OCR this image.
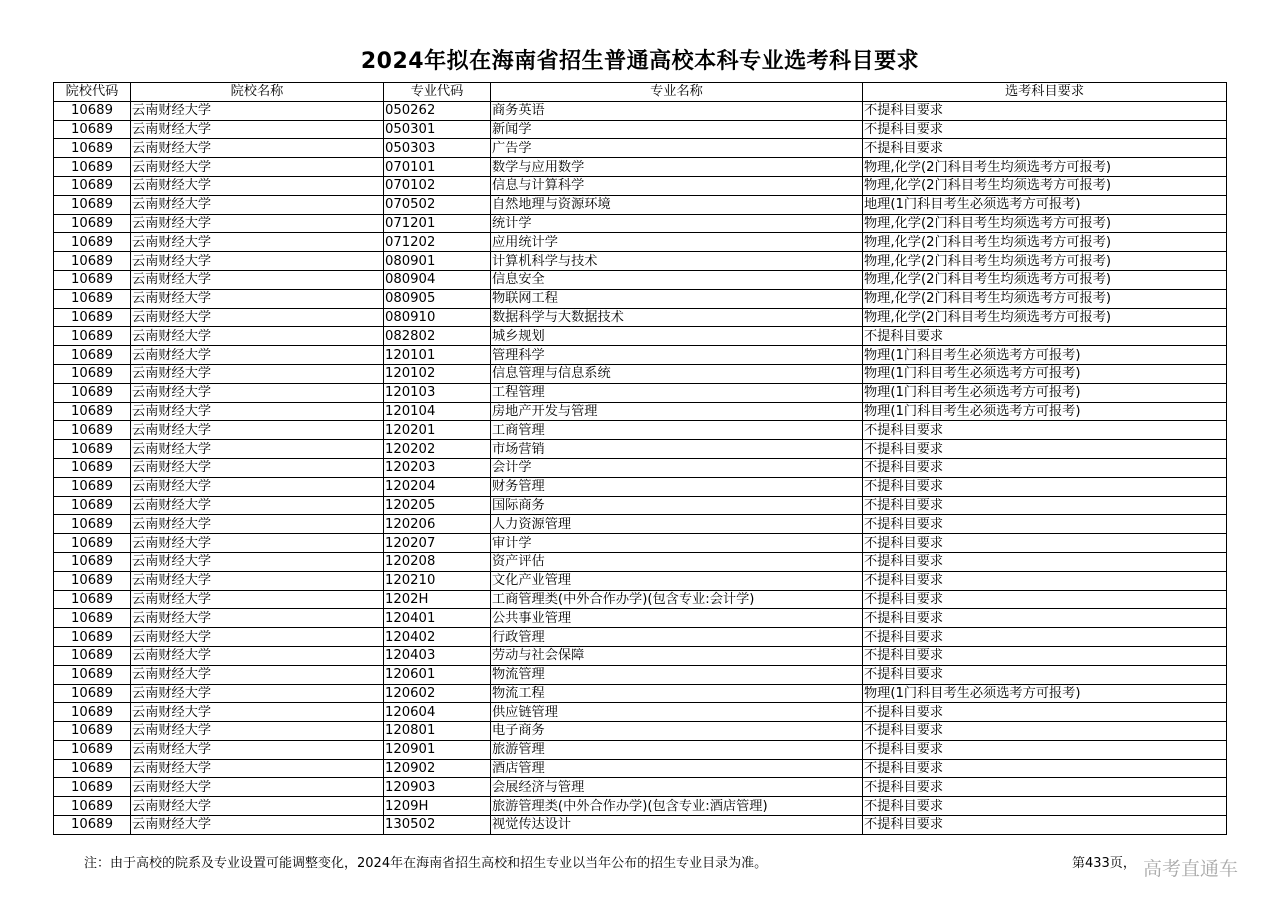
2024年拟在海南省招生普通高校本科专业选考科目要求
院校代码	院校名称	专业代码	专业名称	选考科目要求
10689	云南财经大学	050262	商务英语	不提科目要求
10689	云南财经大学	050301	新闻学	不提科目要求
10689	云南财经大学	050303	广告学	不提科目要求
10689	云南财经大学	070101	数学与应用数学	物理,化学(2门科目考生均须选考方可报考)
10689	云南财经大学	070102	信息与计算科学	物理,化学(2门科目考生均须选考方可报考)
10689	云南财经大学	070502	自然地理与资源环境	地理(1门科目考生必须选考方可报考)
10689	云南财经大学	071201	统计学	物理,化学(2门科目考生均须选考方可报考)
10689	云南财经大学	071202	应用统计学	物理,化学(2门科目考生均须选考方可报考)
10689	云南财经大学	080901	计算机科学与技术	物理,化学(2门科目考生均须选考方可报考)
10689	云南财经大学	080904	信息安全	物理,化学(2门科目考生均须选考方可报考)
10689	云南财经大学	080905	物联网工程	物理,化学(2门科目考生均须选考方可报考)
10689	云南财经大学	080910	数据科学与大数据技术	物理,化学(2门科目考生均须选考方可报考)
10689	云南财经大学	082802	城乡规划	不提科目要求
10689	云南财经大学	120101	管理科学	物理(1门科目考生必须选考方可报考)
10689	云南财经大学	120102	信息管理与信息系统	物理(1门科目考生必须选考方可报考)
10689	云南财经大学	120103	工程管理	物理(1门科目考生必须选考方可报考)
10689	云南财经大学	120104	房地产开发与管理	物理(1门科目考生必须选考方可报考)
10689	云南财经大学	120201	工商管理	不提科目要求
10689	云南财经大学	120202	市场营销	不提科目要求
10689	云南财经大学	120203	会计学	不提科目要求
10689	云南财经大学	120204	财务管理	不提科目要求
10689	云南财经大学	120205	国际商务	不提科目要求
10689	云南财经大学	120206	人力资源管理	不提科目要求
10689	云南财经大学	120207	审计学	不提科目要求
10689	云南财经大学	120208	资产评估	不提科目要求
10689	云南财经大学	120210	文化产业管理	不提科目要求
10689	云南财经大学	1202H	工商管理类(中外合作办学)(包含专业:会计学)	不提科目要求
10689	云南财经大学	120401	公共事业管理	不提科目要求
10689	云南财经大学	120402	行政管理	不提科目要求
10689	云南财经大学	120403	劳动与社会保障	不提科目要求
10689	云南财经大学	120601	物流管理	不提科目要求
10689	云南财经大学	120602	物流工程	物理(1门科目考生必须选考方可报考)
10689	云南财经大学	120604	供应链管理	不提科目要求
10689	云南财经大学	120801	电子商务	不提科目要求
10689	云南财经大学	120901	旅游管理	不提科目要求
10689	云南财经大学	120902	酒店管理	不提科目要求
10689	云南财经大学	120903	会展经济与管理	不提科目要求
10689	云南财经大学	1209H	旅游管理类(中外合作办学)(包含专业:酒店管理)	不提科目要求
10689	云南财经大学	130502	视觉传达设计	不提科目要求
注：由于高校的院系及专业设置可能调整变化，2024年在海南省招生高校和招生专业以当年公布的招生专业目录为准。	第433页， 高考直通车
